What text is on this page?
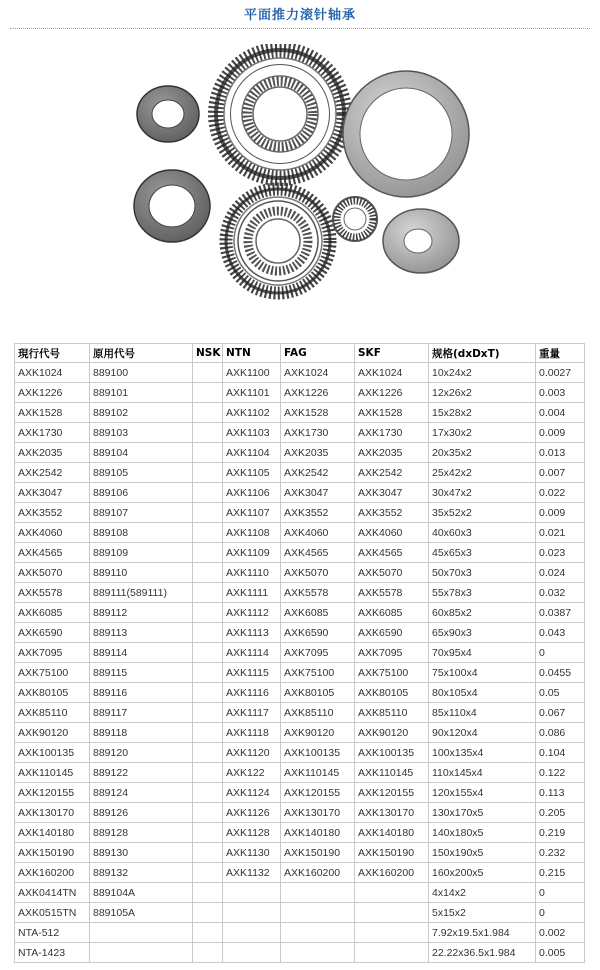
平面推力滚针轴承
現行代号	原用代号	NSK	NTN	FAG	SKF	规格(dxDxT)	重量
AXK1024	889100		AXK1100	AXK1024	AXK1024	10x24x2	0.0027
AXK1226	889101		AXK1101	AXK1226	AXK1226	12x26x2	0.003
AXK1528	889102		AXK1102	AXK1528	AXK1528	15x28x2	0.004
AXK1730	889103		AXK1103	AXK1730	AXK1730	17x30x2	0.009
AXK2035	889104		AXK1104	AXK2035	AXK2035	20x35x2	0.013
AXK2542	889105		AXK1105	AXK2542	AXK2542	25x42x2	0.007
AXK3047	889106		AXK1106	AXK3047	AXK3047	30x47x2	0.022
AXK3552	889107		AXK1107	AXK3552	AXK3552	35x52x2	0.009
AXK4060	889108		AXK1108	AXK4060	AXK4060	40x60x3	0.021
AXK4565	889109		AXK1109	AXK4565	AXK4565	45x65x3	0.023
AXK5070	889110		AXK1110	AXK5070	AXK5070	50x70x3	0.024
AXK5578	889111(589111)		AXK1111	AXK5578	AXK5578	55x78x3	0.032
AXK6085	889112		AXK1112	AXK6085	AXK6085	60x85x2	0.0387
AXK6590	889113		AXK1113	AXK6590	AXK6590	65x90x3	0.043
AXK7095	889114		AXK1114	AXK7095	AXK7095	70x95x4	0
AXK75100	889115		AXK1115	AXK75100	AXK75100	75x100x4	0.0455
AXK80105	889116		AXK1116	AXK80105	AXK80105	80x105x4	0.05
AXK85110	889117		AXK1117	AXK85110	AXK85110	85x110x4	0.067
AXK90120	889118		AXK1118	AXK90120	AXK90120	90x120x4	0.086
AXK100135	889120		AXK1120	AXK100135	AXK100135	100x135x4	0.104
AXK110145	889122		AXK122	AXK110145	AXK110145	110x145x4	0.122
AXK120155	889124		AXK1124	AXK120155	AXK120155	120x155x4	0.113
AXK130170	889126		AXK1126	AXK130170	AXK130170	130x170x5	0.205
AXK140180	889128		AXK1128	AXK140180	AXK140180	140x180x5	0.219
AXK150190	889130		AXK1130	AXK150190	AXK150190	150x190x5	0.232
AXK160200	889132		AXK1132	AXK160200	AXK160200	160x200x5	0.215
AXK0414TN	889104A					4x14x2	0
AXK0515TN	889105A					5x15x2	0
NTA-512						7.92x19.5x1.984	0.002
NTA-1423						22.22x36.5x1.984	0.005
